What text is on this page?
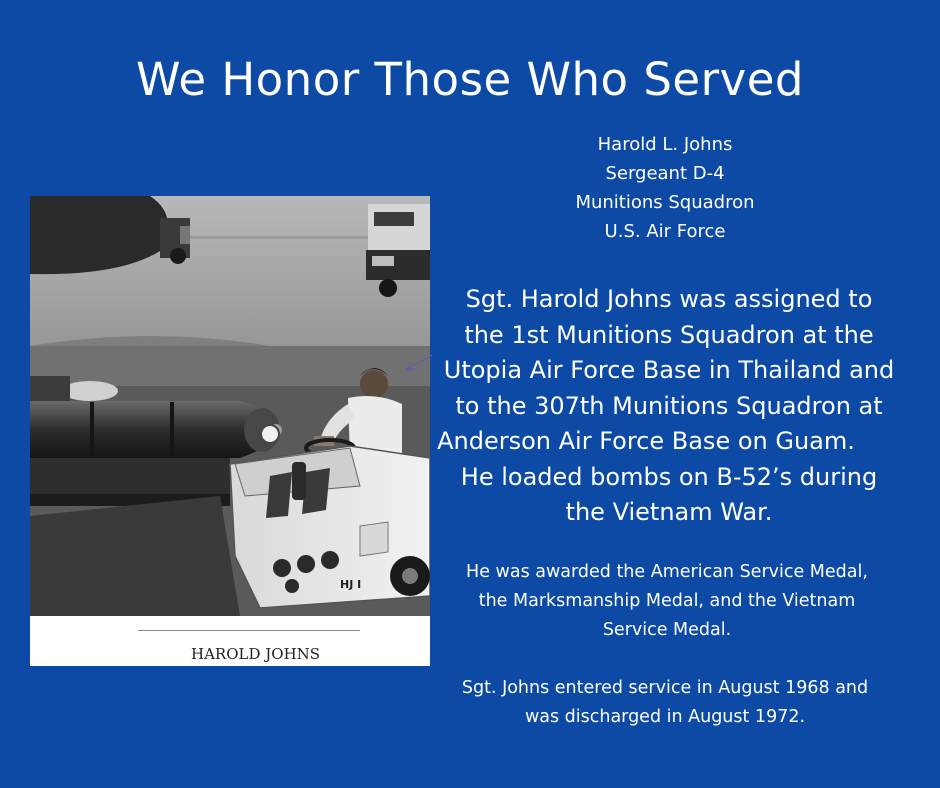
We Honor Those Who Served
Harold L. Johns
Sergeant D-4
Munitions Squadron
U.S. Air Force
Sgt. Harold Johns was assigned to
the 1st Munitions Squadron at the
Utopia Air Force Base in Thailand and
to the 307th Munitions Squadron at
Anderson Air Force Base on Guam.
He loaded bombs on B-52’s during
the Vietnam War.
He was awarded the American Service Medal,
the Marksmanship Medal, and the Vietnam
Service Medal.
Sgt. Johns entered service in August 1968 and
was discharged in August 1972.
HJ I
HAROLD JOHNS
